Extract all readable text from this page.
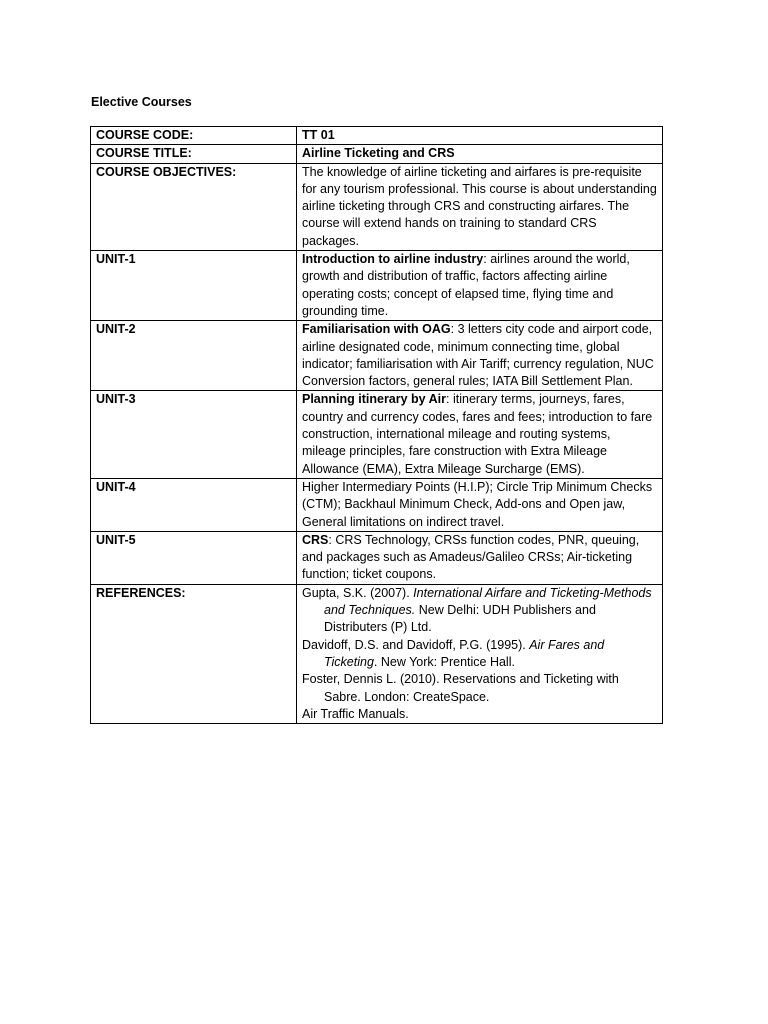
Elective Courses

COURSE CODE:	TT 01
COURSE TITLE:	Airline Ticketing and CRS
COURSE OBJECTIVES:	The knowledge of airline ticketing and airfares is pre-requisite for any tourism professional. This course is about understanding airline ticketing through CRS and constructing airfares. The course will extend hands on training to standard CRS packages.
UNIT-1	Introduction to airline industry: airlines around the world, growth and distribution of traffic, factors affecting airline operating costs; concept of elapsed time, flying time and grounding time.
UNIT-2	Familiarisation with OAG: 3 letters city code and airport code, airline designated code, minimum connecting time, global indicator; familiarisation with Air Tariff; currency regulation, NUC Conversion factors, general rules; IATA Bill Settlement Plan.
UNIT-3	Planning itinerary by Air: itinerary terms, journeys, fares, country and currency codes, fares and fees; introduction to fare construction, international mileage and routing systems, mileage principles, fare construction with Extra Mileage Allowance (EMA), Extra Mileage Surcharge (EMS).
UNIT-4	Higher Intermediary Points (H.I.P); Circle Trip Minimum Checks (CTM); Backhaul Minimum Check, Add-ons and Open jaw, General limitations on indirect travel.
UNIT-5	CRS: CRS Technology, CRSs function codes, PNR, queuing, and packages such as Amadeus/Galileo CRSs; Air-ticketing function; ticket coupons.
REFERENCES:	Gupta, S.K. (2007). International Airfare and Ticketing-Methods and Techniques. New Delhi: UDH Publishers and Distributers (P) Ltd.

Davidoff, D.S. and Davidoff, P.G. (1995). Air Fares and Ticketing. New York: Prentice Hall.

Foster, Dennis L. (2010). Reservations and Ticketing with Sabre. London: CreateSpace.

Air Traffic Manuals.
